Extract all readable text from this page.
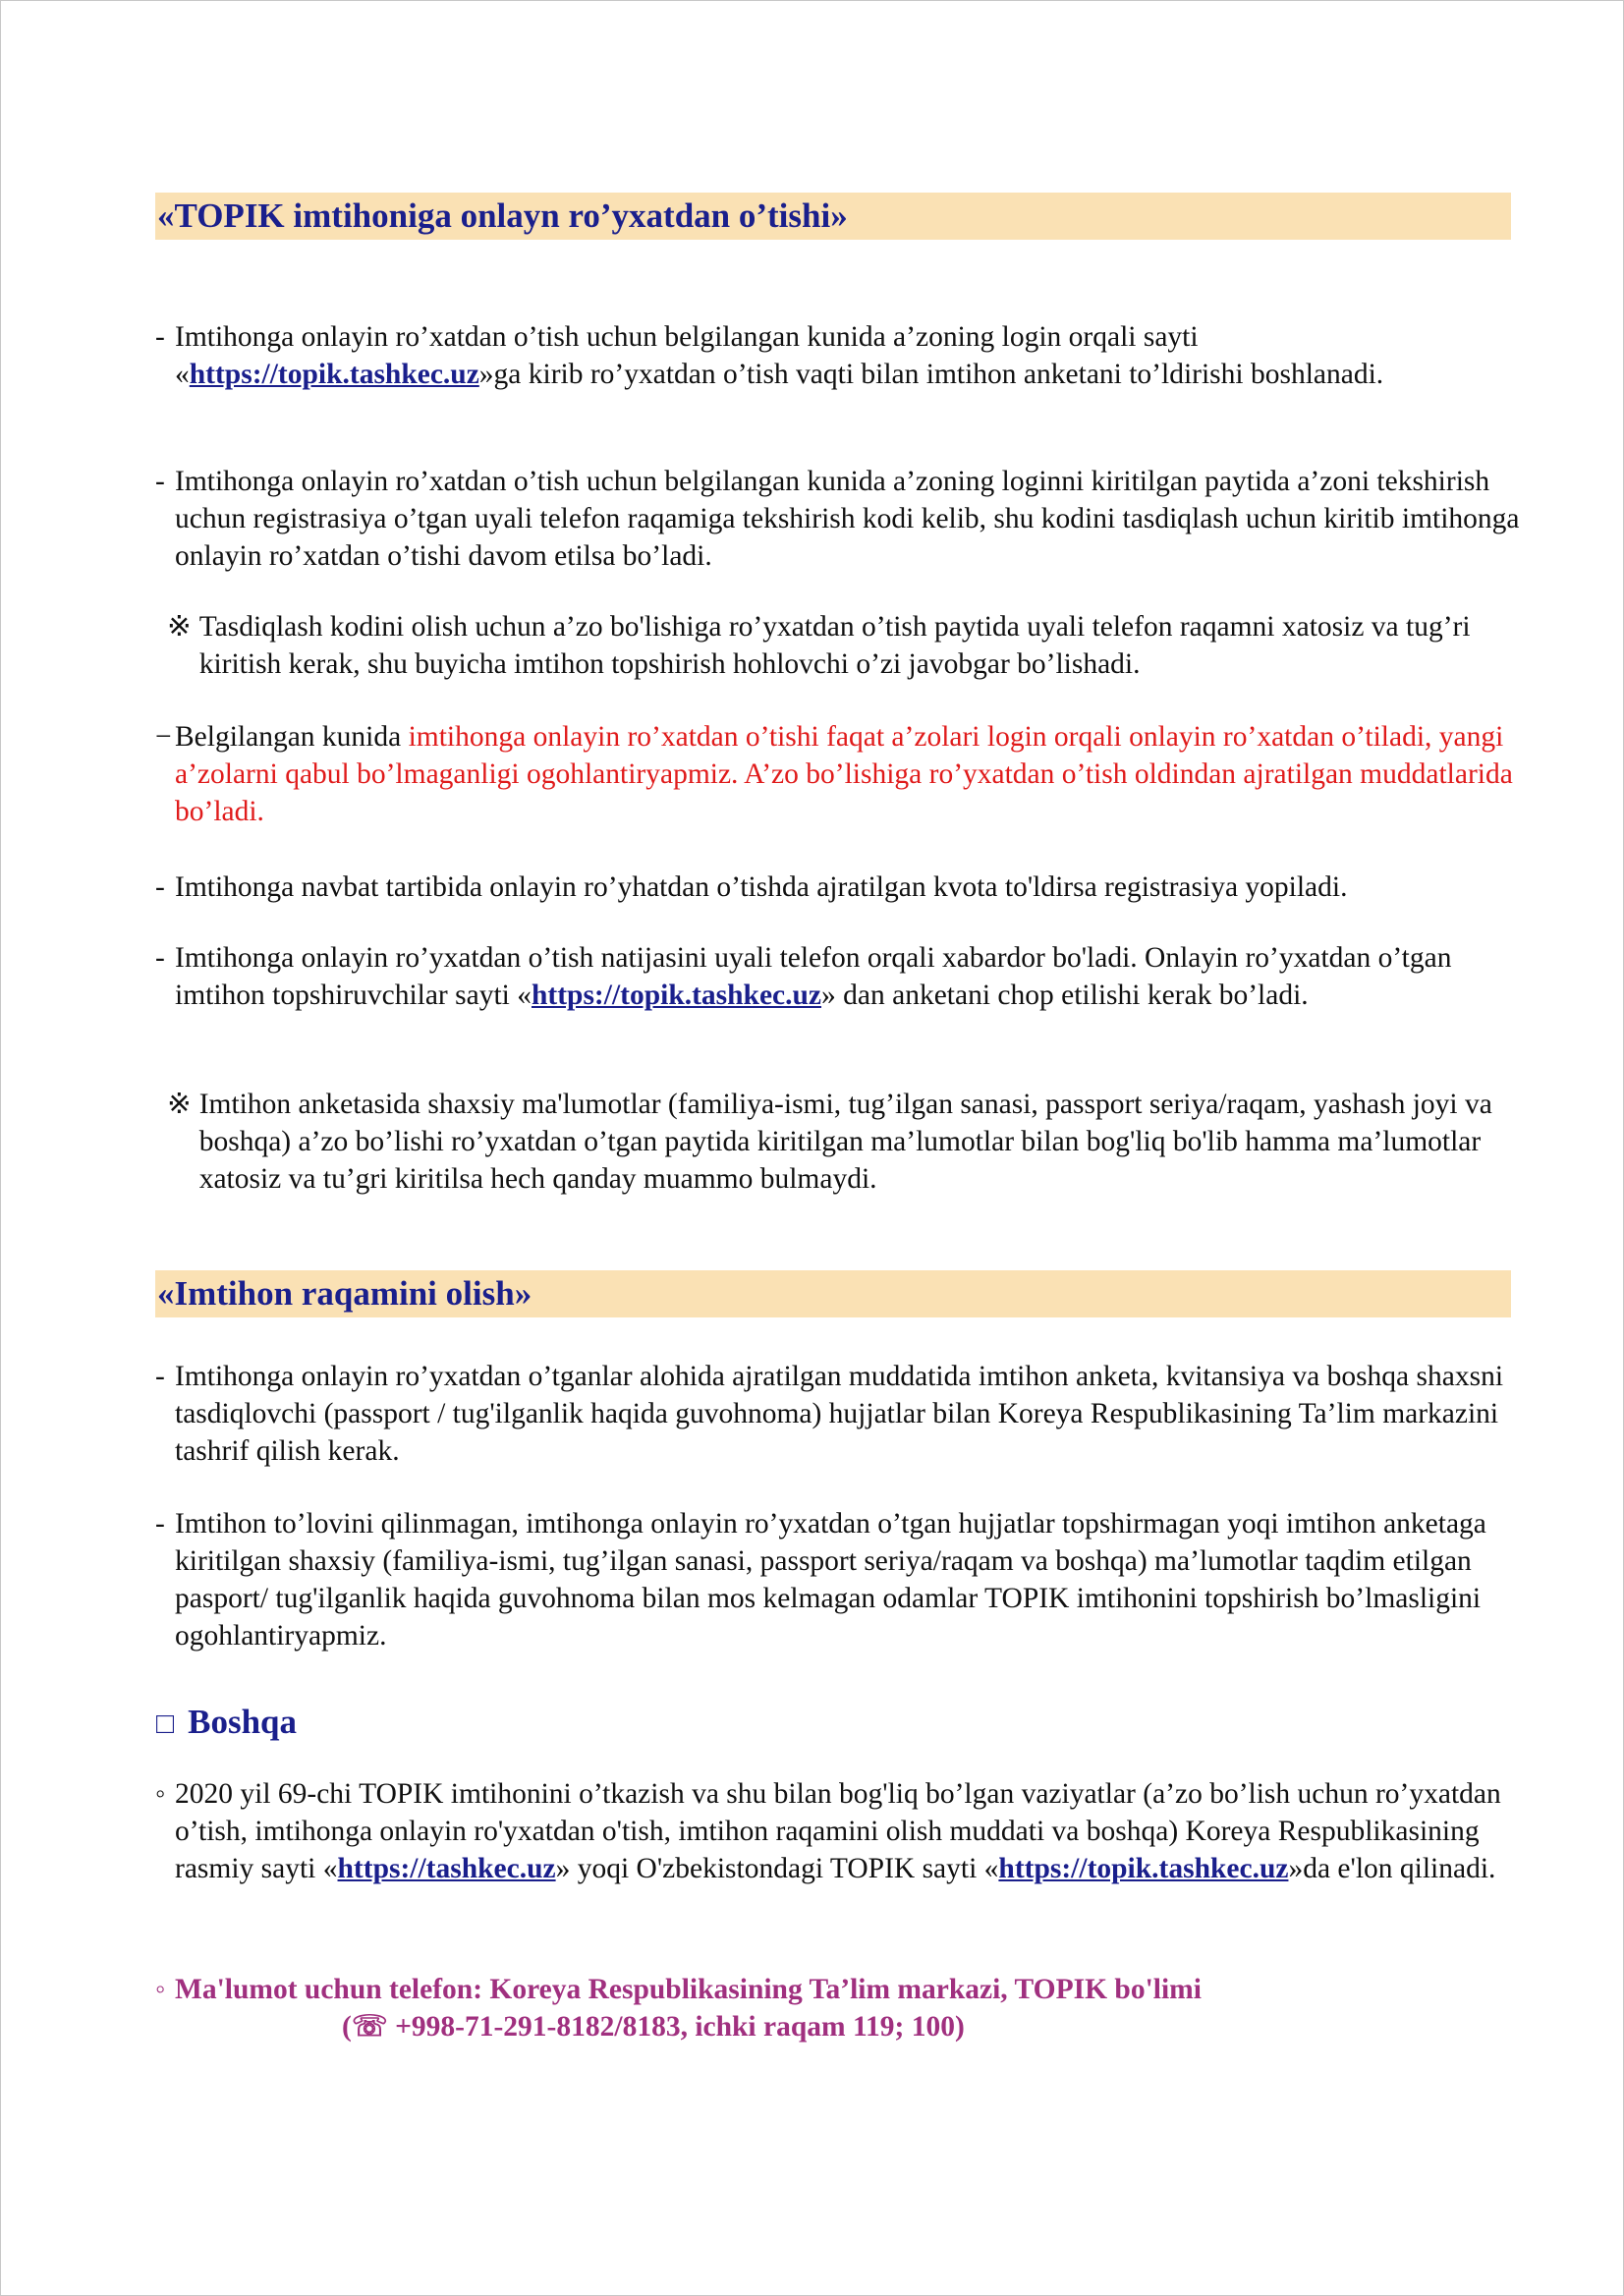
«TOPIK imtihoniga onlayn ro’yxatdan o’tishi»
- Imtihonga onlayin ro’xatdan o’tish uchun belgilangan kunida a’zoning login orqali sayti «https://topik.tashkec.uz»ga kirib ro’yxatdan o’tish vaqti bilan imtihon anketani to’ldirishi boshlanadi.
- Imtihonga onlayin ro’xatdan o’tish uchun belgilangan kunida a’zoning loginni kiritilgan paytida a’zoni tekshirish uchun registrasiya o’tgan uyali telefon raqamiga tekshirish kodi kelib, shu kodini tasdiqlash uchun kiritib imtihonga onlayin ro’xatdan o’tishi davom etilsa bo’ladi.
※ Tasdiqlash kodini olish uchun a’zo bo'lishiga ro’yxatdan o’tish paytida uyali telefon raqamni xatosiz va tug’ri kiritish kerak, shu buyicha imtihon topshirish hohlovchi o’zi javobgar bo’lishadi.
− Belgilangan kunida imtihonga onlayin ro’xatdan o’tishi faqat a’zolari login orqali onlayin ro’xatdan o’tiladi, yangi a’zolarni qabul bo’lmaganligi ogohlantiryapmiz. A’zo bo’lishiga ro’yxatdan o’tish oldindan ajratilgan muddatlarida bo’ladi.
- Imtihonga navbat tartibida onlayin ro’yhatdan o’tishda ajratilgan kvota to'ldirsa registrasiya yopiladi.
- Imtihonga onlayin ro’yxatdan o’tish natijasini uyali telefon orqali xabardor bo'ladi. Onlayin ro’yxatdan o’tgan imtihon topshiruvchilar sayti «https://topik.tashkec.uz» dan anketani chop etilishi kerak bo’ladi.
※ Imtihon anketasida shaxsiy ma'lumotlar (familiya-ismi, tug’ilgan sanasi, passport seriya/raqam, yashash joyi va boshqa) a’zo bo’lishi ro’yxatdan o’tgan paytida kiritilgan ma’lumotlar bilan bog'liq bo'lib hamma ma’lumotlar xatosiz va tu’gri kiritilsa hech qanday muammo bulmaydi.
«Imtihon raqamini olish»
- Imtihonga onlayin ro’yxatdan o’tganlar alohida ajratilgan muddatida imtihon anketa, kvitansiya va boshqa shaxsni tasdiqlovchi (passport / tug'ilganlik haqida guvohnoma) hujjatlar bilan Koreya Respublikasining Ta’lim markazini tashrif qilish kerak.
- Imtihon to’lovini qilinmagan, imtihonga onlayin ro’yxatdan o’tgan hujjatlar topshirmagan yoqi imtihon anketaga kiritilgan shaxsiy (familiya-ismi, tug’ilgan sanasi, passport seriya/raqam va boshqa) ma’lumotlar taqdim etilgan pasport/ tug'ilganlik haqida guvohnoma bilan mos kelmagan odamlar TOPIK imtihonini topshirish bo’lmasligini ogohlantiryapmiz.
□ Boshqa
◦ 2020 yil 69-chi TOPIK imtihonini o’tkazish va shu bilan bog'liq bo’lgan vaziyatlar (a’zo bo’lish uchun ro’yxatdan o’tish, imtihonga onlayin ro'yxatdan o'tish, imtihon raqamini olish muddati va boshqa) Koreya Respublikasining rasmiy sayti «https://tashkec.uz» yoqi O'zbekistondagi TOPIK sayti «https://topik.tashkec.uz»da e'lon qilinadi.
◦ Ma'lumot uchun telefon: Koreya Respublikasining Ta’lim markazi, TOPIK bo'limi
(☏ +998-71-291-8182/8183, ichki raqam 119; 100)
